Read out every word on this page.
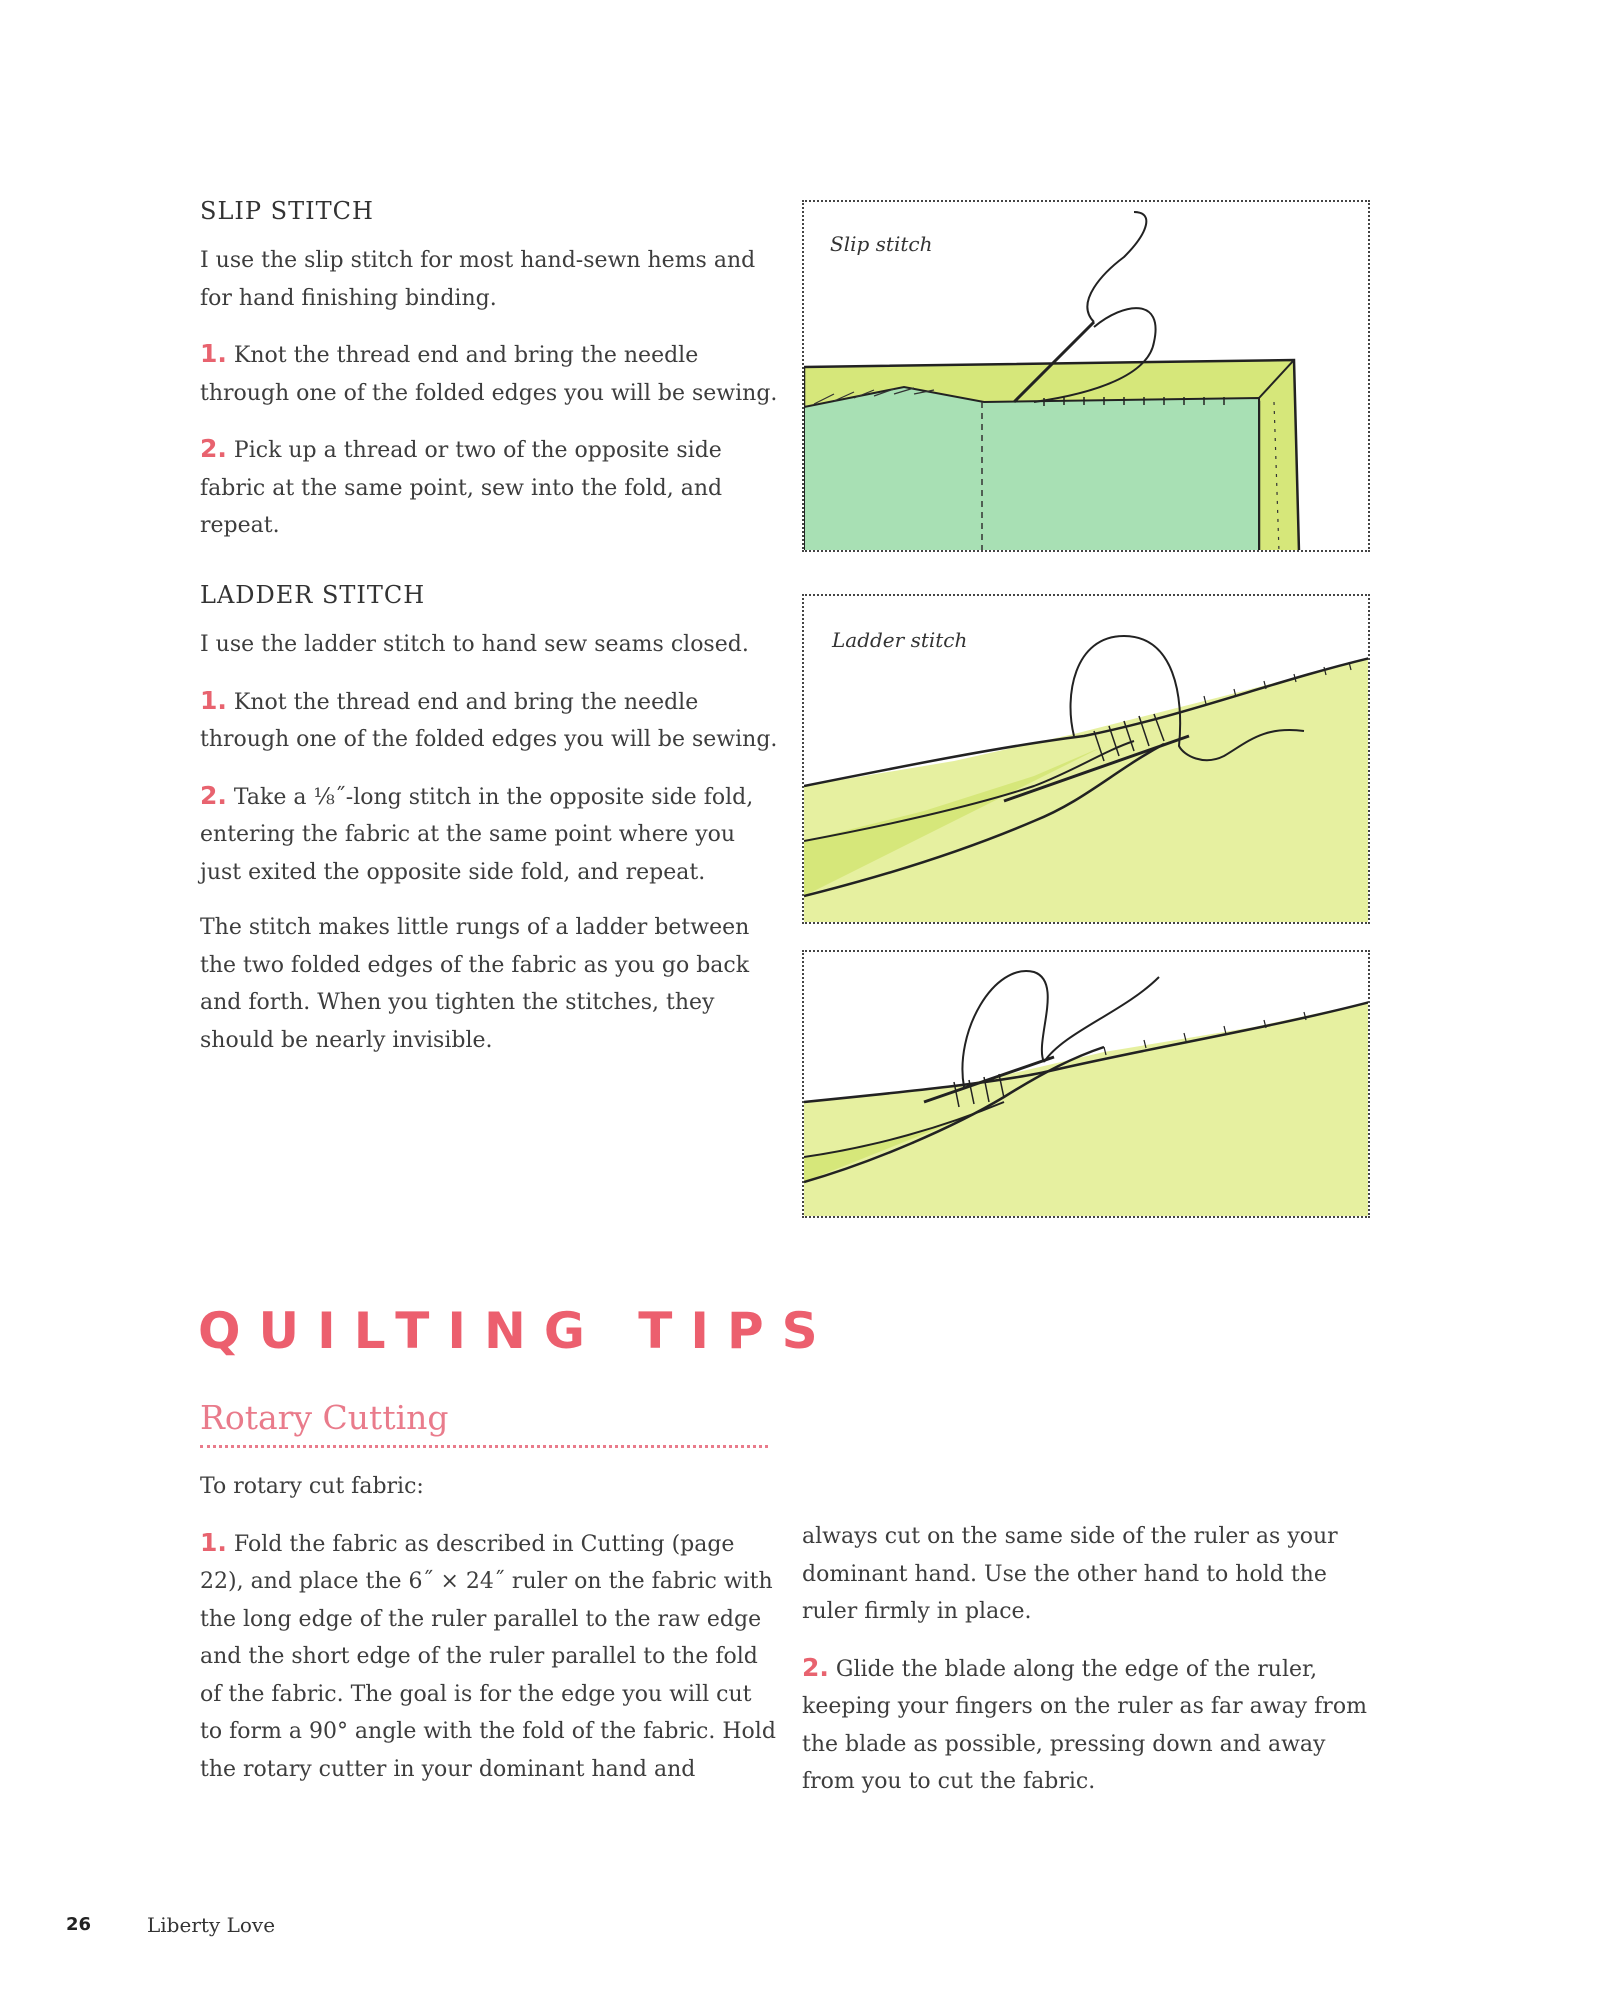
SLIP STITCH

I use the slip stitch for most hand-sewn hems and for hand finishing binding.

1. Knot the thread end and bring the needle through one of the folded edges you will be sewing.

2. Pick up a thread or two of the opposite side fabric at the same point, sew into the fold, and repeat.

LADDER STITCH

I use the ladder stitch to hand sew seams closed.

1. Knot the thread end and bring the needle through one of the folded edges you will be sewing.

2. Take a ⅛˝-long stitch in the opposite side fold, entering the fabric at the same point where you just exited the opposite side fold, and repeat.

The stitch makes little rungs of a ladder between the two folded edges of the fabric as you go back and forth. When you tighten the stitches, they should be nearly invisible.

Slip stitch
Ladder stitch
QUILTING TIPS
Rotary Cutting

To rotary cut fabric:

1. Fold the fabric as described in Cutting (page 22), and place the 6˝ × 24˝ ruler on the fabric with the long edge of the ruler parallel to the raw edge and the short edge of the ruler parallel to the fold of the fabric. The goal is for the edge you will cut to form a 90° angle with the fold of the fabric. Hold the rotary cutter in your dominant hand and

always cut on the same side of the ruler as your dominant hand. Use the other hand to hold the ruler firmly in place.

2. Glide the blade along the edge of the ruler, keeping your fingers on the ruler as far away from the blade as possible, pressing down and away from you to cut the fabric.

26	Liberty Love
